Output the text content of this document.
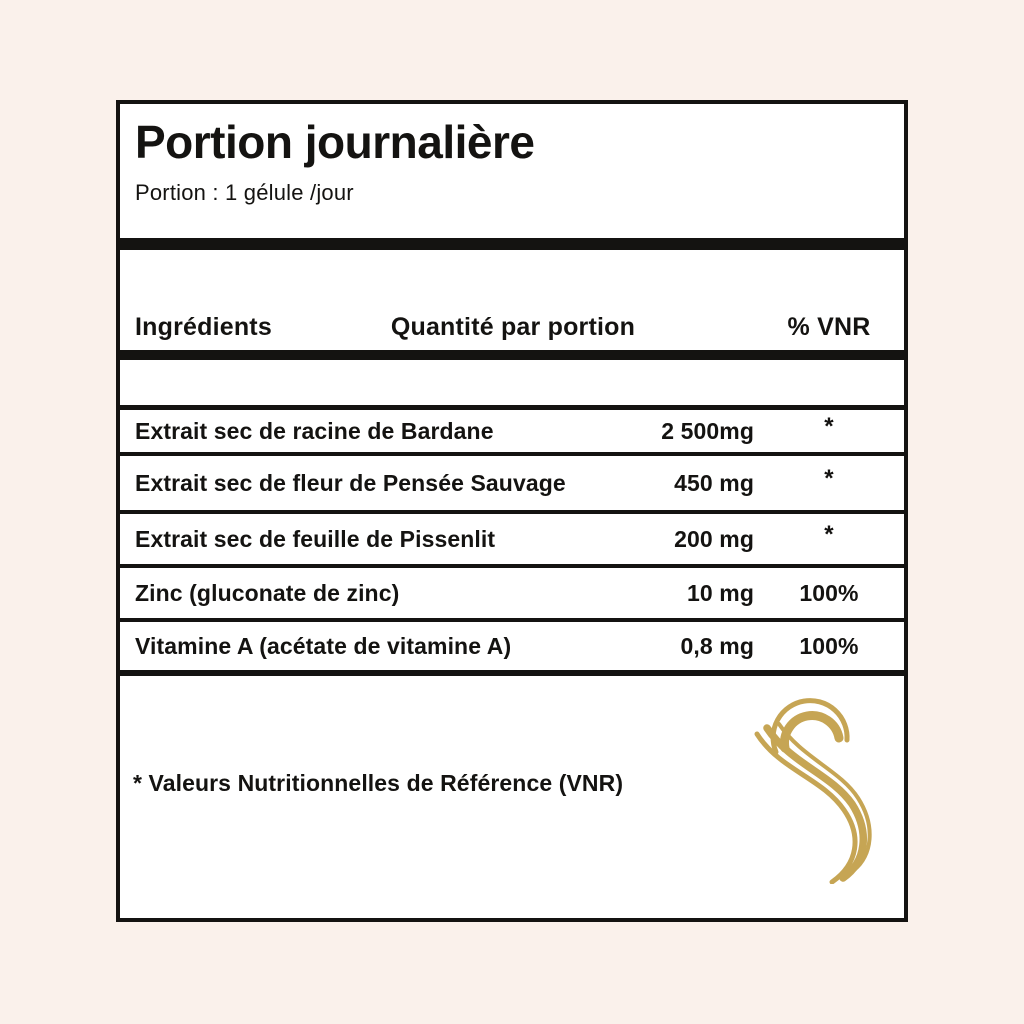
Portion journalière

Portion : 1 gélule /jour

Ingrédients	Quantité par portion	% VNR
Extrait sec de racine de Bardane	2 500mg	*
Extrait sec de fleur de Pensée Sauvage	450 mg	*
Extrait sec de feuille de Pissenlit	200 mg	*
Zinc (gluconate de zinc)	10 mg	100%
Vitamine A (acétate de vitamine A)	0,8 mg	100%

* Valeurs Nutritionnelles de Référence (VNR)
